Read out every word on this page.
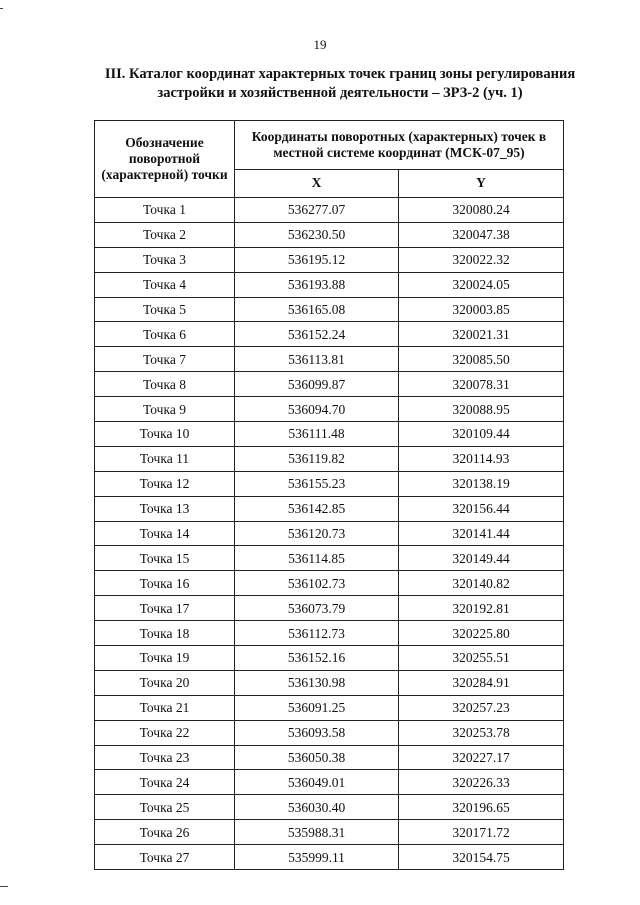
19
III. Каталог координат характерных точек границ зоны регулирования
застройки и хозяйственной деятельности – ЗРЗ-2 (уч. 1)
Обозначение поворотной (характерной) точки	Координаты поворотных (характерных) точек в местной системе координат (МСК-07_95)	
	X	Y
Точка 1	536277.07	320080.24
Точка 2	536230.50	320047.38
Точка 3	536195.12	320022.32
Точка 4	536193.88	320024.05
Точка 5	536165.08	320003.85
Точка 6	536152.24	320021.31
Точка 7	536113.81	320085.50
Точка 8	536099.87	320078.31
Точка 9	536094.70	320088.95
Точка 10	536111.48	320109.44
Точка 11	536119.82	320114.93
Точка 12	536155.23	320138.19
Точка 13	536142.85	320156.44
Точка 14	536120.73	320141.44
Точка 15	536114.85	320149.44
Точка 16	536102.73	320140.82
Точка 17	536073.79	320192.81
Точка 18	536112.73	320225.80
Точка 19	536152.16	320255.51
Точка 20	536130.98	320284.91
Точка 21	536091.25	320257.23
Точка 22	536093.58	320253.78
Точка 23	536050.38	320227.17
Точка 24	536049.01	320226.33
Точка 25	536030.40	320196.65
Точка 26	535988.31	320171.72
Точка 27	535999.11	320154.75
